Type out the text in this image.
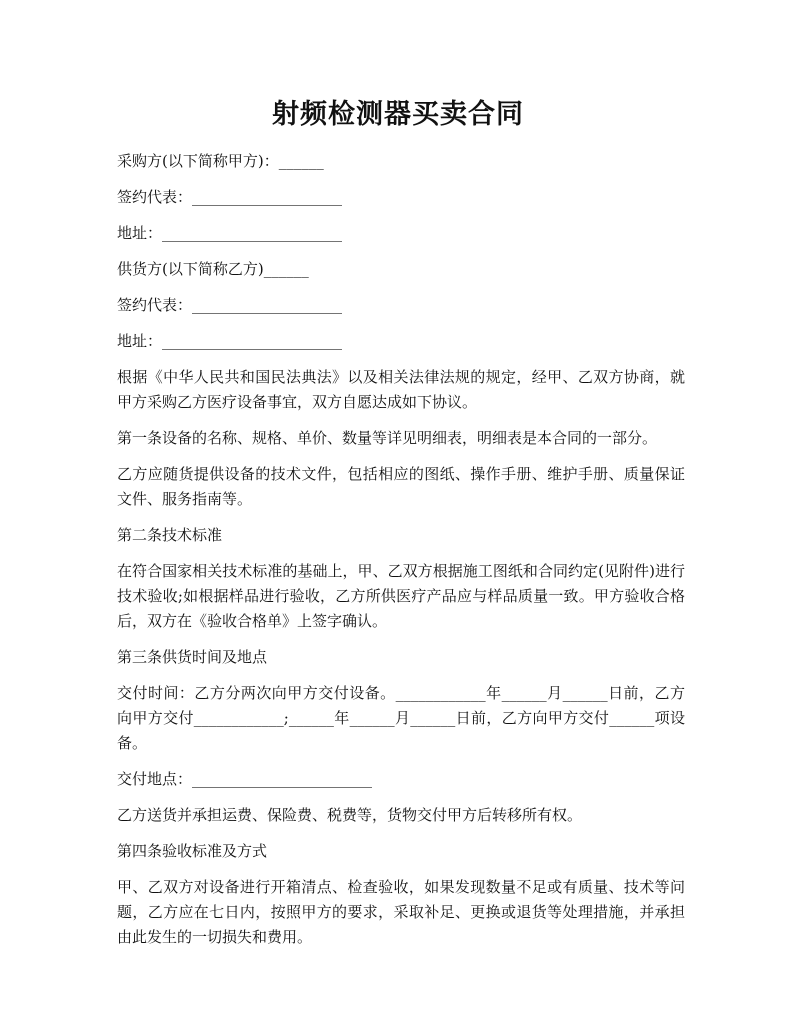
射频检测器买卖合同

采购方(以下简称甲方)：______

签约代表：____________________

地址：________________________

供货方(以下简称乙方)______

签约代表：____________________

地址：________________________

根据《中华人民共和国民法典法》以及相关法律法规的规定，经甲、乙双方协商，就甲方采购乙方医疗设备事宜，双方自愿达成如下协议。

第一条设备的名称、规格、单价、数量等详见明细表，明细表是本合同的一部分。

乙方应随货提供设备的技术文件，包括相应的图纸、操作手册、维护手册、质量保证文件、服务指南等。

第二条技术标准

在符合国家相关技术标准的基础上，甲、乙双方根据施工图纸和合同约定(见附件)进行技术验收;如根据样品进行验收，乙方所供医疗产品应与样品质量一致。甲方验收合格后，双方在《验收合格单》上签字确认。

第三条供货时间及地点

交付时间：乙方分两次向甲方交付设备。____________年______月______日前，乙方向甲方交付____________;______年______月______日前，乙方向甲方交付______项设备。

交付地点：________________________

乙方送货并承担运费、保险费、税费等，货物交付甲方后转移所有权。

第四条验收标准及方式

甲、乙双方对设备进行开箱清点、检查验收，如果发现数量不足或有质量、技术等问题，乙方应在七日内，按照甲方的要求，采取补足、更换或退货等处理措施，并承担由此发生的一切损失和费用。
